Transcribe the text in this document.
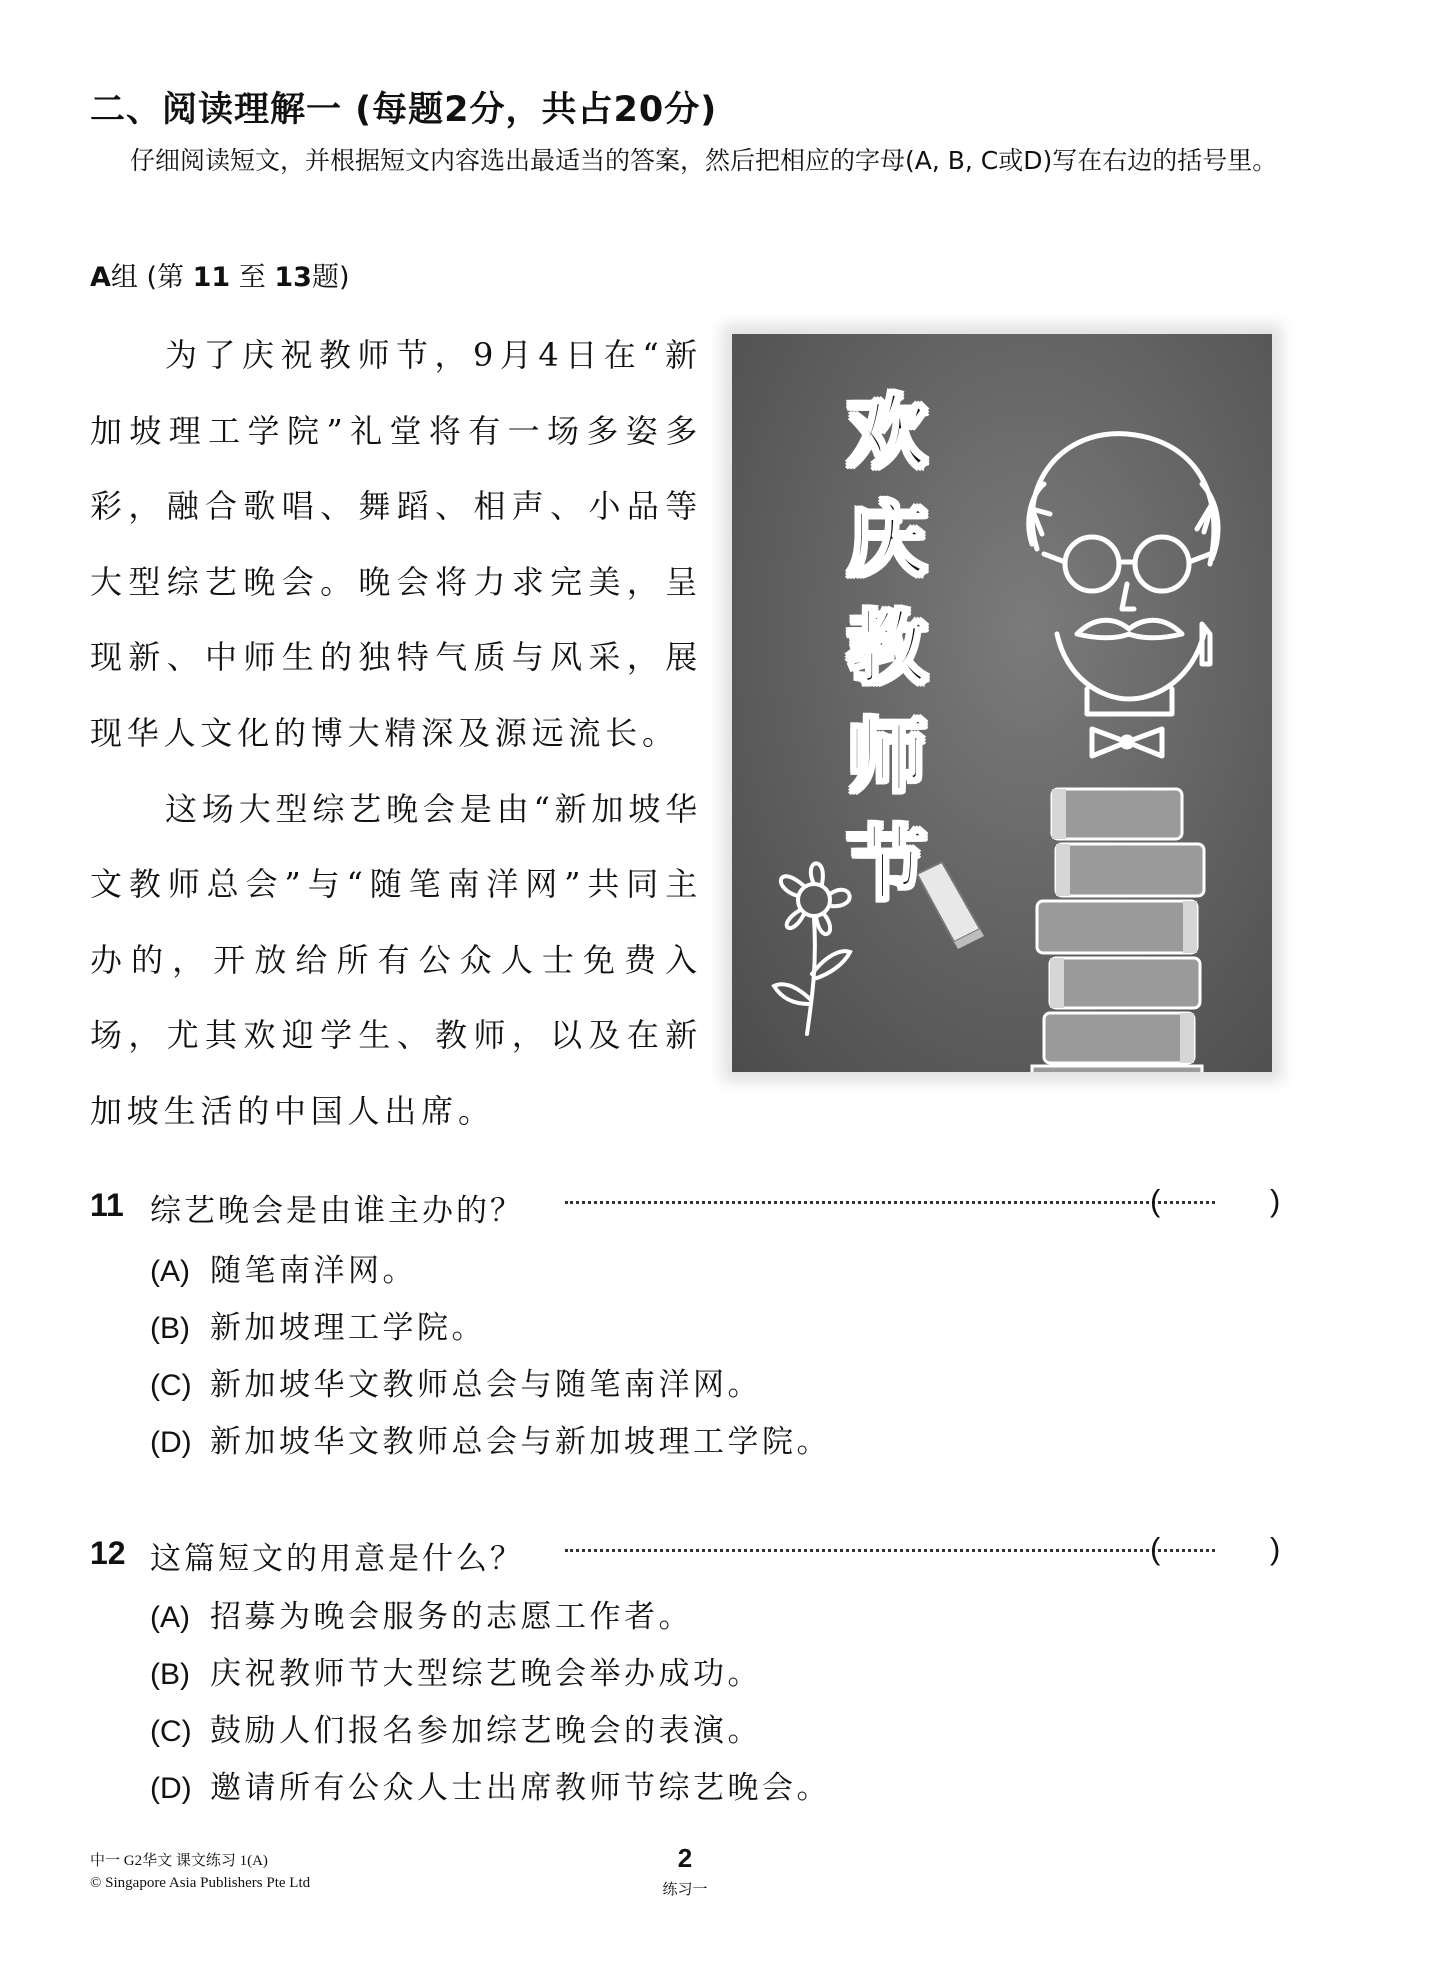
二、阅读理解一 (每题2分，共占20分)
仔细阅读短文，并根据短文内容选出最适当的答案，然后把相应的字母(A, B, C或D)写在右边的括号里。
A组 (第 11 至 13题)

为了庆祝教师节，9月4日在“新加坡理工学院”礼堂将有一场多姿多彩，融合歌唱、舞蹈、相声、小品等大型综艺晚会。晚会将力求完美，呈现新、中师生的独特气质与风采，展现华人文化的博大精深及源远流长。

这场大型综艺晚会是由“新加坡华文教师总会”与“随笔南洋网”共同主办的，开放给所有公众人士免费入场，尤其欢迎学生、教师，以及在新加坡生活的中国人出席。

欢庆教师节
11 综艺晚会是由谁主办的？	(	)
(A) 随笔南洋网。
(B) 新加坡理工学院。
(C) 新加坡华文教师总会与随笔南洋网。
(D) 新加坡华文教师总会与新加坡理工学院。
12 这篇短文的用意是什么？	(	)
(A) 招募为晚会服务的志愿工作者。
(B) 庆祝教师节大型综艺晚会举办成功。
(C) 鼓励人们报名参加综艺晚会的表演。
(D) 邀请所有公众人士出席教师节综艺晚会。
中一 G2华文 课文练习 1(A)
© Singapore Asia Publishers Pte Ltd
2
练习一
